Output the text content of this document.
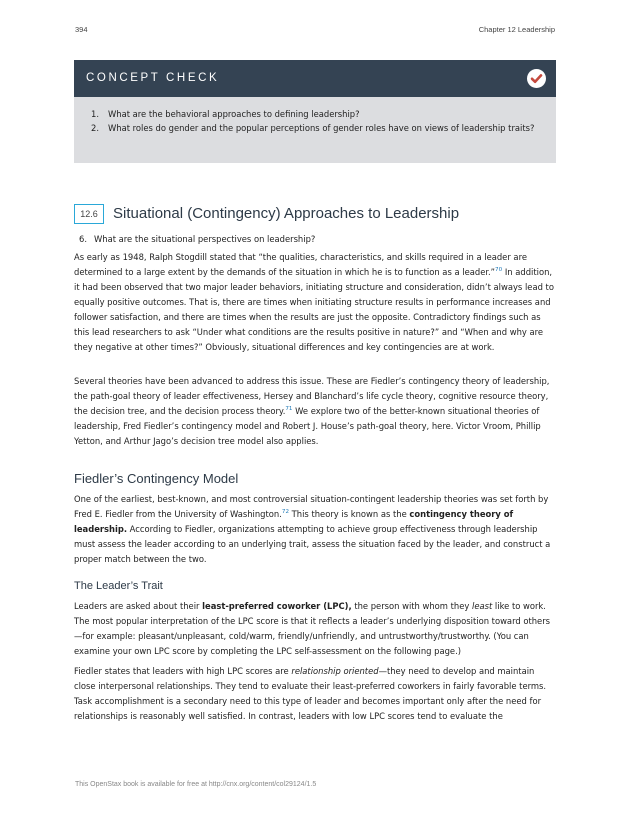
394	Chapter 12 Leadership
CONCEPT CHECK
1. What are the behavioral approaches to defining leadership?
2. What roles do gender and the popular perceptions of gender roles have on views of leadership traits?
12.6	Situational (Contingency) Approaches to Leadership
6. What are the situational perspectives on leadership?

As early as 1948, Ralph Stogdill stated that “the qualities, characteristics, and skills required in a leader are determined to a large extent by the demands of the situation in which he is to function as a leader.”$^{70}$ In addition, it had been observed that two major leader behaviors, initiating structure and consideration, didn’t always lead to equally positive outcomes. That is, there are times when initiating structure results in performance increases and follower satisfaction, and there are times when the results are just the opposite. Contradictory findings such as this lead researchers to ask “Under what conditions are the results positive in nature?” and “When and why are they negative at other times?” Obviously, situational differences and key contingencies are at work.

Several theories have been advanced to address this issue. These are Fiedler’s contingency theory of leadership, the path-goal theory of leader effectiveness, Hersey and Blanchard’s life cycle theory, cognitive resource theory, the decision tree, and the decision process theory.$^{71}$ We explore two of the better-known situational theories of leadership, Fred Fiedler’s contingency model and Robert J. House’s path-goal theory, here. Victor Vroom, Phillip Yetton, and Arthur Jago’s decision tree model also applies.

Fiedler’s Contingency Model

One of the earliest, best-known, and most controversial situation-contingent leadership theories was set forth by Fred E. Fiedler from the University of Washington.$^{72}$ This theory is known as the contingency theory of leadership. According to Fiedler, organizations attempting to achieve group effectiveness through leadership must assess the leader according to an underlying trait, assess the situation faced by the leader, and construct a proper match between the two.

The Leader’s Trait

Leaders are asked about their least-preferred coworker (LPC), the person with whom they least like to work. The most popular interpretation of the LPC score is that it reflects a leader’s underlying disposition toward others—for example: pleasant/unpleasant, cold/warm, friendly/unfriendly, and untrustworthy/trustworthy. (You can examine your own LPC score by completing the LPC self-assessment on the following page.)

Fiedler states that leaders with high LPC scores are relationship oriented—they need to develop and maintain close interpersonal relationships. They tend to evaluate their least-preferred coworkers in fairly favorable terms. Task accomplishment is a secondary need to this type of leader and becomes important only after the need for relationships is reasonably well satisfied. In contrast, leaders with low LPC scores tend to evaluate the

This OpenStax book is available for free at http://cnx.org/content/col29124/1.5
